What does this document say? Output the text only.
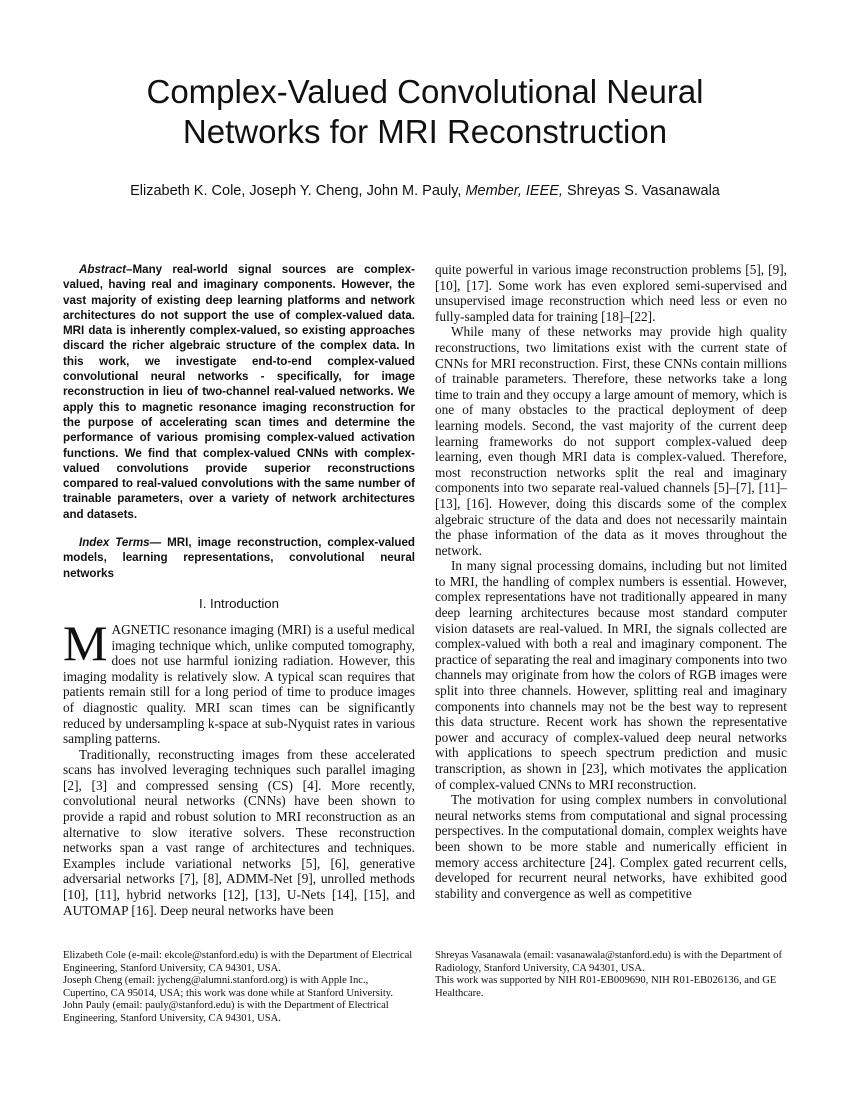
Complex-Valued Convolutional Neural
Networks for MRI Reconstruction
Elizabeth K. Cole, Joseph Y. Cheng, John M. Pauly, Member, IEEE, Shreyas S. Vasanawala

Abstract–Many real-world signal sources are complex-valued, having real and imaginary components. However, the vast majority of existing deep learning platforms and network architectures do not support the use of complex-valued data. MRI data is inherently complex-valued, so existing approaches discard the richer algebraic structure of the complex data. In this work, we investigate end-to-end complex-valued convolutional neural networks - specifically, for image reconstruction in lieu of two-channel real-valued networks. We apply this to magnetic resonance imaging reconstruction for the purpose of accelerating scan times and determine the performance of various promising complex-valued activation functions. We find that complex-valued CNNs with complex-valued convolutions provide superior reconstructions compared to real-valued convolutions with the same number of trainable parameters, over a variety of network architectures and datasets.

Index Terms— MRI, image reconstruction, complex-valued models, learning representations, convolutional neural networks

I. Introduction

MAGNETIC resonance imaging (MRI) is a useful medical imaging technique which, unlike computed tomography, does not use harmful ionizing radiation. However, this imaging modality is relatively slow. A typical scan requires that patients remain still for a long period of time to produce images of diagnostic quality. MRI scan times can be significantly reduced by undersampling k-space at sub-Nyquist rates in various sampling patterns.

Traditionally, reconstructing images from these accelerated scans has involved leveraging techniques such parallel imaging [2], [3] and compressed sensing (CS) [4]. More recently, convolutional neural networks (CNNs) have been shown to provide a rapid and robust solution to MRI reconstruction as an alternative to slow iterative solvers. These reconstruction networks span a vast range of architectures and techniques. Examples include variational networks [5], [6], generative adversarial networks [7], [8], ADMM-Net [9], unrolled methods [10], [11], hybrid networks [12], [13], U-Nets [14], [15], and AUTOMAP [16]. Deep neural networks have been

quite powerful in various image reconstruction problems [5], [9], [10], [17]. Some work has even explored semi-supervised and unsupervised image reconstruction which need less or even no fully-sampled data for training [18]–[22].

While many of these networks may provide high quality reconstructions, two limitations exist with the current state of CNNs for MRI reconstruction. First, these CNNs contain millions of trainable parameters. Therefore, these networks take a long time to train and they occupy a large amount of memory, which is one of many obstacles to the practical deployment of deep learning models. Second, the vast majority of the current deep learning frameworks do not support complex-valued deep learning, even though MRI data is complex-valued. Therefore, most reconstruction networks split the real and imaginary components into two separate real-valued channels [5]–[7], [11]–[13], [16]. However, doing this discards some of the complex algebraic structure of the data and does not necessarily maintain the phase information of the data as it moves throughout the network.

In many signal processing domains, including but not limited to MRI, the handling of complex numbers is essential. However, complex representations have not traditionally appeared in many deep learning architectures because most standard computer vision datasets are real-valued. In MRI, the signals collected are complex-valued with both a real and imaginary component. The practice of separating the real and imaginary components into two channels may originate from how the colors of RGB images were split into three channels. However, splitting real and imaginary components into channels may not be the best way to represent this data structure. Recent work has shown the representative power and accuracy of complex-valued deep neural networks with applications to speech spectrum prediction and music transcription, as shown in [23], which motivates the application of complex-valued CNNs to MRI reconstruction.

The motivation for using complex numbers in convolutional neural networks stems from computational and signal processing perspectives. In the computational domain, complex weights have been shown to be more stable and numerically efficient in memory access architecture [24]. Complex gated recurrent cells, developed for recurrent neural networks, have exhibited good stability and convergence as well as competitive

Elizabeth Cole (e-mail: ekcole@stanford.edu) is with the Department of Electrical Engineering, Stanford University, CA 94301, USA.

Joseph Cheng (email: jycheng@alumni.stanford.org) is with Apple Inc., Cupertino, CA 95014, USA; this work was done while at Stanford University.

John Pauly (email: pauly@stanford.edu) is with the Department of Electrical Engineering, Stanford University, CA 94301, USA.

Shreyas Vasanawala (email: vasanawala@stanford.edu) is with the Department of Radiology, Stanford University, CA 94301, USA.

This work was supported by NIH R01-EB009690, NIH R01-EB026136, and GE Healthcare.
